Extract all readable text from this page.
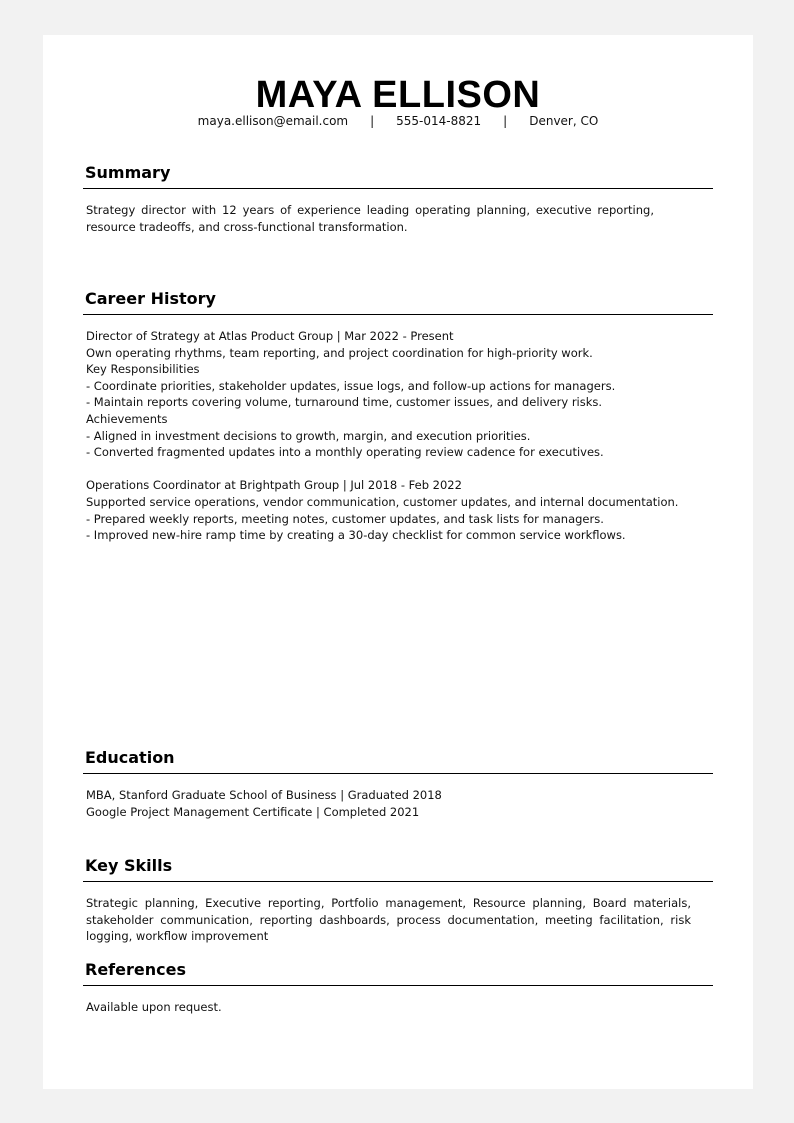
MAYA ELLISON
maya.ellison@email.com | 555-014-8821 | Denver, CO
Summary

Strategy director with 12 years of experience leading operating planning, executive reporting, resource tradeoffs, and cross-functional transformation.

Career History

Director of Strategy at Atlas Product Group | Mar 2022 - Present

Own operating rhythms, team reporting, and project coordination for high-priority work.

Key Responsibilities

- Coordinate priorities, stakeholder updates, issue logs, and follow-up actions for managers.

- Maintain reports covering volume, turnaround time, customer issues, and delivery risks.

Achievements

- Aligned in investment decisions to growth, margin, and execution priorities.

- Converted fragmented updates into a monthly operating review cadence for executives.

Operations Coordinator at Brightpath Group | Jul 2018 - Feb 2022

Supported service operations, vendor communication, customer updates, and internal documentation.

- Prepared weekly reports, meeting notes, customer updates, and task lists for managers.

- Improved new-hire ramp time by creating a 30-day checklist for common service workflows.

Education

MBA, Stanford Graduate School of Business | Graduated 2018

Google Project Management Certificate | Completed 2021

Key Skills

Strategic planning, Executive reporting, Portfolio management, Resource planning, Board materials, stakeholder communication, reporting dashboards, process documentation, meeting facilitation, risk logging, workflow improvement

References

Available upon request.
